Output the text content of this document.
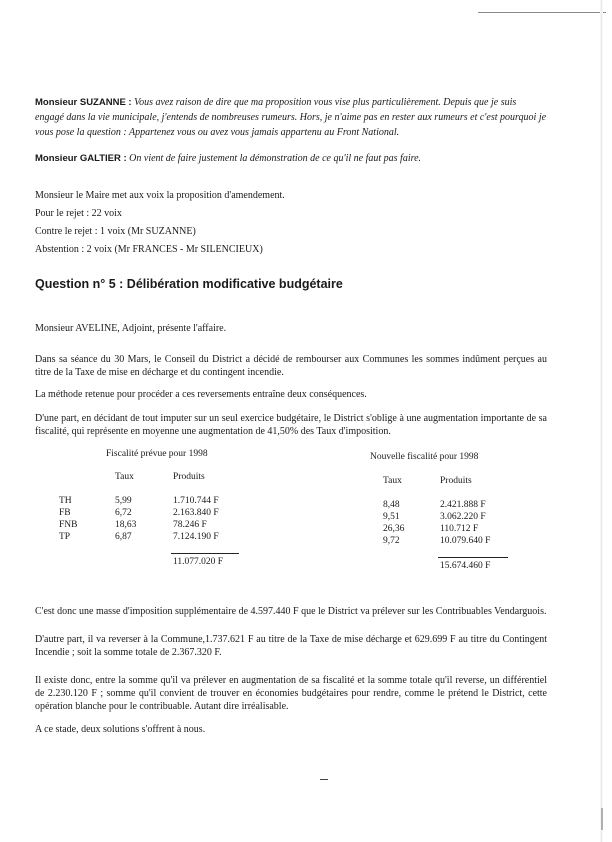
Monsieur SUZANNE : Vous avez raison de dire que ma proposition vous vise plus particulièrement. Depuis que je suis engagé dans la vie municipale, j'entends de nombreuses rumeurs. Hors, je n'aime pas en rester aux rumeurs et c'est pourquoi je vous pose la question : Appartenez vous ou avez vous jamais appartenu au Front National.

Monsieur GALTIER : On vient de faire justement la démonstration de ce qu'il ne faut pas faire.

Monsieur le Maire met aux voix la proposition d'amendement.

Pour le rejet : 22 voix

Contre le rejet : 1 voix (Mr SUZANNE)

Abstention : 2 voix (Mr FRANCES - Mr SILENCIEUX)

Question n° 5 : Délibération modificative budgétaire

Monsieur AVELINE, Adjoint, présente l'affaire.

Dans sa séance du 30 Mars, le Conseil du District a décidé de rembourser aux Communes les sommes indûment perçues au titre de la Taxe de mise en décharge et du contingent incendie.

La méthode retenue pour procéder a ces reversements entraîne deux conséquences.

D'une part, en décidant de tout imputer sur un seul exercice budgétaire, le District s'oblige à une augmentation importante de sa fiscalité, qui représente en moyenne une augmentation de 41,50% des Taux d'imposition.

Fiscalité prévue pour 1998

Taux	Produits

TH	5,99	1.710.744 F

FB	6,72	2.163.840 F

FNB	18,63	78.246 F

TP	6,87	7.124.190 F

11.077.020 F

Nouvelle fiscalité pour 1998

Taux	Produits

8,48	2.421.888 F

9,51	3.062.220 F

26,36	110.712 F

9,72	10.079.640 F

15.674.460 F

C'est donc une masse d'imposition supplémentaire de 4.597.440 F que le District va prélever sur les Contribuables Vendarguois.

D'autre part, il va reverser à la Commune,1.737.621 F au titre de la Taxe de mise décharge et 629.699 F au titre du Contingent Incendie ; soit la somme totale de 2.367.320 F.

Il existe donc, entre la somme qu'il va prélever en augmentation de sa fiscalité et la somme totale qu'il reverse, un différentiel de 2.230.120 F ; somme qu'il convient de trouver en économies budgétaires pour rendre, comme le prétend le District, cette opération blanche pour le contribuable. Autant dire irréalisable.

A ce stade, deux solutions s'offrent à nous.
